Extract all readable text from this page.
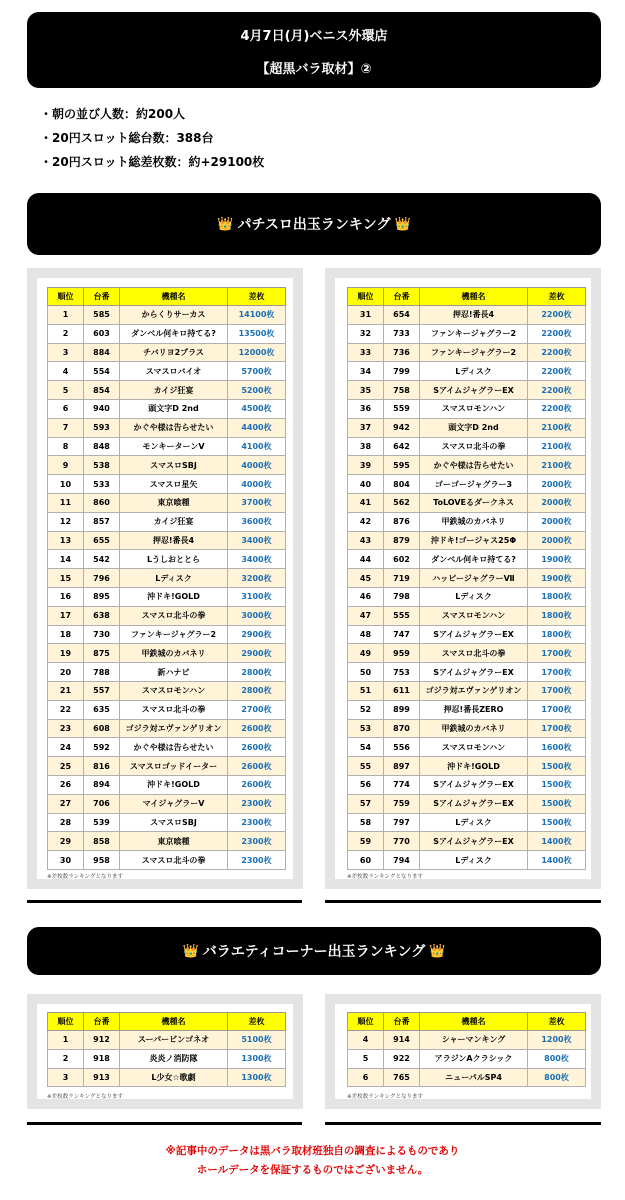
4月7日(月)ベニス外環店
【超黒バラ取材】②
・朝の並び人数：約200人
・20円スロット総台数：388台
・20円スロット総差枚数：約+29100枚
👑 パチスロ出玉ランキング 👑
順位	台番	機種名	差枚
1	585	からくりサーカス	14100枚
2	603	ダンベル何キロ持てる?	13500枚
3	884	チバリヨ2プラス	12000枚
4	554	スマスロバイオ	5700枚
5	854	カイジ狂宴	5200枚
6	940	頭文字D 2nd	4500枚
7	593	かぐや様は告らせたい	4400枚
8	848	モンキーターンV	4100枚
9	538	スマスロSBJ	4000枚
10	533	スマスロ星矢	4000枚
11	860	東京喰種	3700枚
12	857	カイジ狂宴	3600枚
13	655	押忍!番長4	3400枚
14	542	Lうしおととら	3400枚
15	796	Lディスク	3200枚
16	895	沖ドキ!GOLD	3100枚
17	638	スマスロ北斗の拳	3000枚
18	730	ファンキージャグラー2	2900枚
19	875	甲鉄城のカバネリ	2900枚
20	788	新ハナビ	2800枚
21	557	スマスロモンハン	2800枚
22	635	スマスロ北斗の拳	2700枚
23	608	ゴジラ対エヴァンゲリオン	2600枚
24	592	かぐや様は告らせたい	2600枚
25	816	スマスロゴッドイーター	2600枚
26	894	沖ドキ!GOLD	2600枚
27	706	マイジャグラーV	2300枚
28	539	スマスロSBJ	2300枚
29	858	東京喰種	2300枚
30	958	スマスロ北斗の拳	2300枚
順位	台番	機種名	差枚
31	654	押忍!番長4	2200枚
32	733	ファンキージャグラー2	2200枚
33	736	ファンキージャグラー2	2200枚
34	799	Lディスク	2200枚
35	758	SアイムジャグラーEX	2200枚
36	559	スマスロモンハン	2200枚
37	942	頭文字D 2nd	2100枚
38	642	スマスロ北斗の拳	2100枚
39	595	かぐや様は告らせたい	2100枚
40	804	ゴーゴージャグラー3	2000枚
41	562	ToLOVEるダークネス	2000枚
42	876	甲鉄城のカバネリ	2000枚
43	879	沖ドキ!ゴージャス25Φ	2000枚
44	602	ダンベル何キロ持てる?	1900枚
45	719	ハッピージャグラーⅦ	1900枚
46	798	Lディスク	1800枚
47	555	スマスロモンハン	1800枚
48	747	SアイムジャグラーEX	1800枚
49	959	スマスロ北斗の拳	1700枚
50	753	SアイムジャグラーEX	1700枚
51	611	ゴジラ対エヴァンゲリオン	1700枚
52	899	押忍!番長ZERO	1700枚
53	870	甲鉄城のカバネリ	1700枚
54	556	スマスロモンハン	1600枚
55	897	沖ドキ!GOLD	1500枚
56	774	SアイムジャグラーEX	1500枚
57	759	SアイムジャグラーEX	1500枚
58	797	Lディスク	1500枚
59	770	SアイムジャグラーEX	1400枚
60	794	Lディスク	1400枚
※差枚数ランキングとなります	※差枚数ランキングとなります
👑 バラエティコーナー出玉ランキング 👑
順位	台番	機種名	差枚
1	912	スーパービンゴネオ	5100枚
2	918	炎炎ノ消防隊	1300枚
3	913	L少女☆歌劇	1300枚
順位	台番	機種名	差枚
4	914	シャーマンキング	1200枚
5	922	アラジンAクラシック	800枚
6	765	ニューパルSP4	800枚
※差枚数ランキングとなります	※差枚数ランキングとなります
※記事中のデータは黒バラ取材班独自の調査によるものであり
ホールデータを保証するものではございません。
